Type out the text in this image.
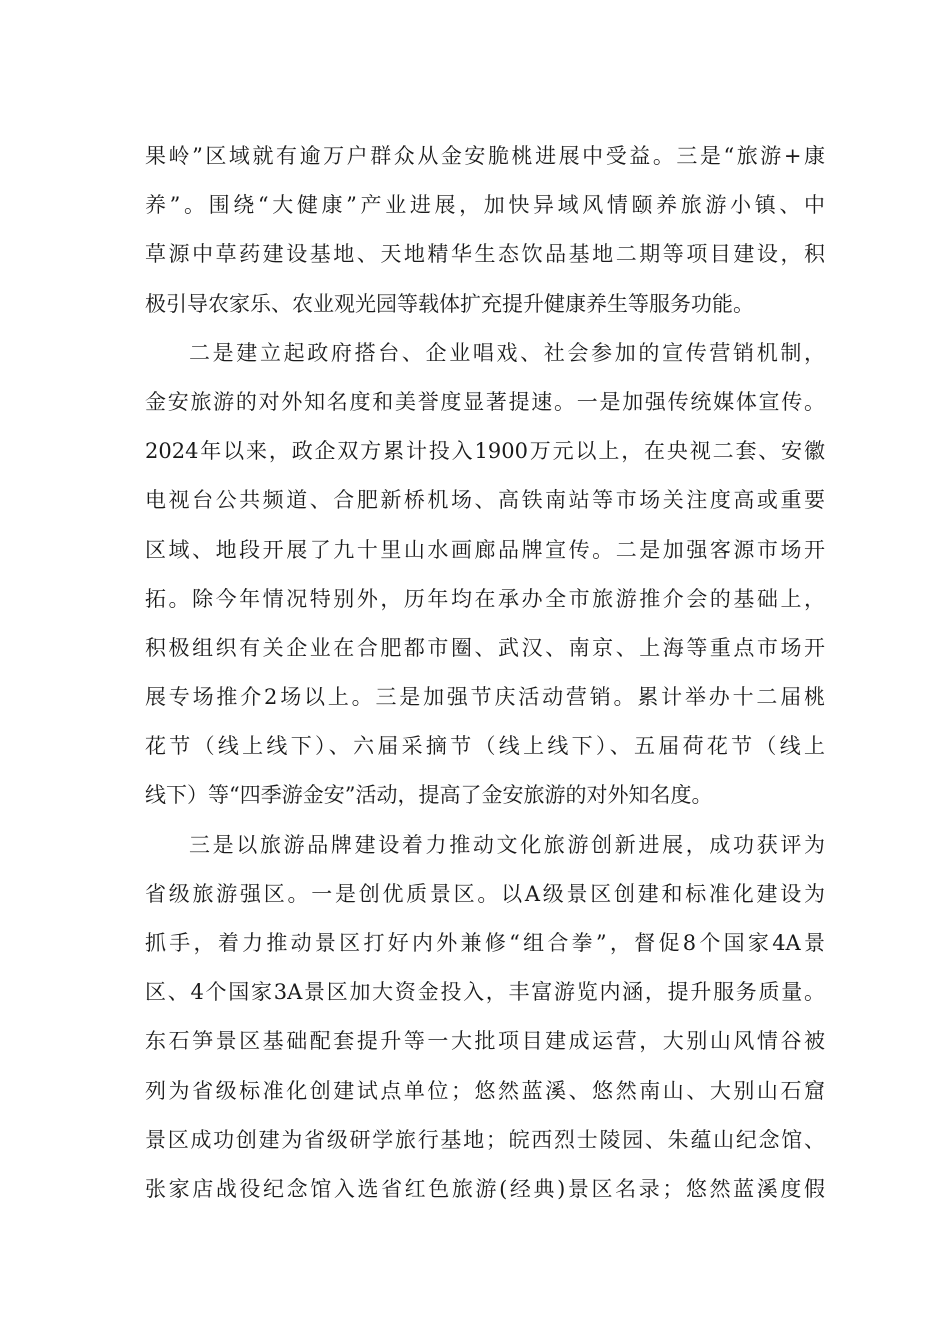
果岭”区域就有逾万户群众从金安脆桃进展中受益。三是“旅游+康
养”。围绕“大健康”产业进展，加快异域风情颐养旅游小镇、中
草源中草药建设基地、天地精华生态饮品基地二期等项目建设，积
极引导农家乐、农业观光园等载体扩充提升健康养生等服务功能。
二是建立起政府搭台、企业唱戏、社会参加的宣传营销机制，
金安旅游的对外知名度和美誉度显著提速。一是加强传统媒体宣传。
2024年以来，政企双方累计投入1900万元以上，在央视二套、安徽
电视台公共频道、合肥新桥机场、高铁南站等市场关注度高或重要
区域、地段开展了九十里山水画廊品牌宣传。二是加强客源市场开
拓。除今年情况特别外，历年均在承办全市旅游推介会的基础上，
积极组织有关企业在合肥都市圈、武汉、南京、上海等重点市场开
展专场推介2场以上。三是加强节庆活动营销。累计举办十二届桃
花节（线上线下）、六届采摘节（线上线下）、五届荷花节（线上
线下）等“四季游金安”活动，提高了金安旅游的对外知名度。
三是以旅游品牌建设着力推动文化旅游创新进展，成功获评为
省级旅游强区。一是创优质景区。以A级景区创建和标准化建设为
抓手，着力推动景区打好内外兼修“组合拳”，督促8个国家4A景
区、4个国家3A景区加大资金投入，丰富游览内涵，提升服务质量。
东石笋景区基础配套提升等一大批项目建成运营，大别山风情谷被
列为省级标准化创建试点单位；悠然蓝溪、悠然南山、大别山石窟
景区成功创建为省级研学旅行基地；皖西烈士陵园、朱蕴山纪念馆、
张家店战役纪念馆入选省红色旅游(经典)景区名录；悠然蓝溪度假
